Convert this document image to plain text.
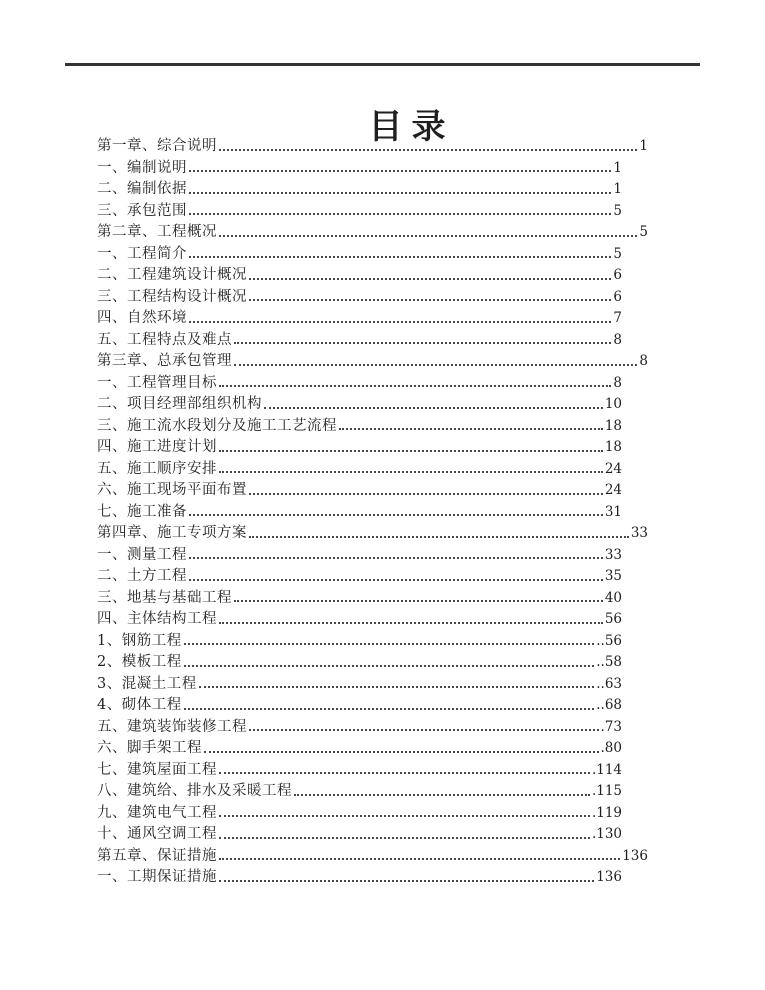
目录
第一章、综合说明	1
一、编制说明	1
二、编制依据	1
三、承包范围	5
第二章、工程概况	5
一、工程简介	5
二、工程建筑设计概况	6
三、工程结构设计概况	6
四、自然环境	7
五、工程特点及难点	8
第三章、总承包管理	8
一、工程管理目标	8
二、项目经理部组织机构	10
三、施工流水段划分及施工工艺流程	18
四、施工进度计划	18
五、施工顺序安排	24
六、施工现场平面布置	24
七、施工准备	31
第四章、施工专项方案	33
一、测量工程	33
二、土方工程	35
三、地基与基础工程	40
四、主体结构工程	56
1、钢筋工程	..56
2、模板工程	..58
3、混凝土工程	..63
4、砌体工程	..68
五、建筑装饰装修工程	.73
六、脚手架工程	.80
七、建筑屋面工程	.114
八、建筑给、排水及采暖工程	.115
九、建筑电气工程	.119
十、通风空调工程	.130
第五章、保证措施	136
一、工期保证措施	136
